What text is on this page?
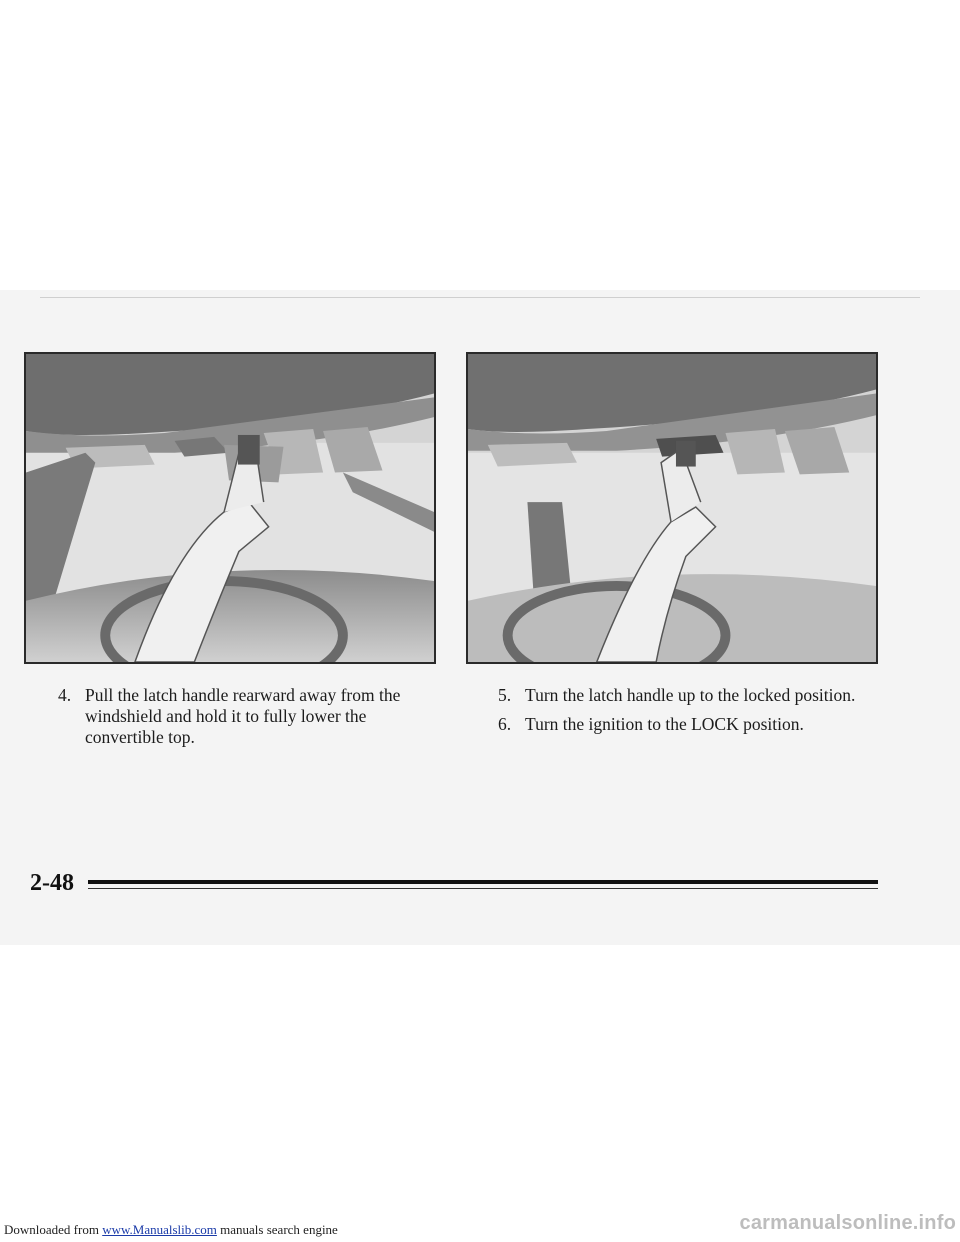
4. Pull the latch handle rearward away from the windshield and hold it to fully lower the convertible top.
5. Turn the latch handle up to the locked position.
6. Turn the ignition to the LOCK position.
2-48
Downloaded from www.Manualslib.com manuals search engine	carmanualsonline.info
